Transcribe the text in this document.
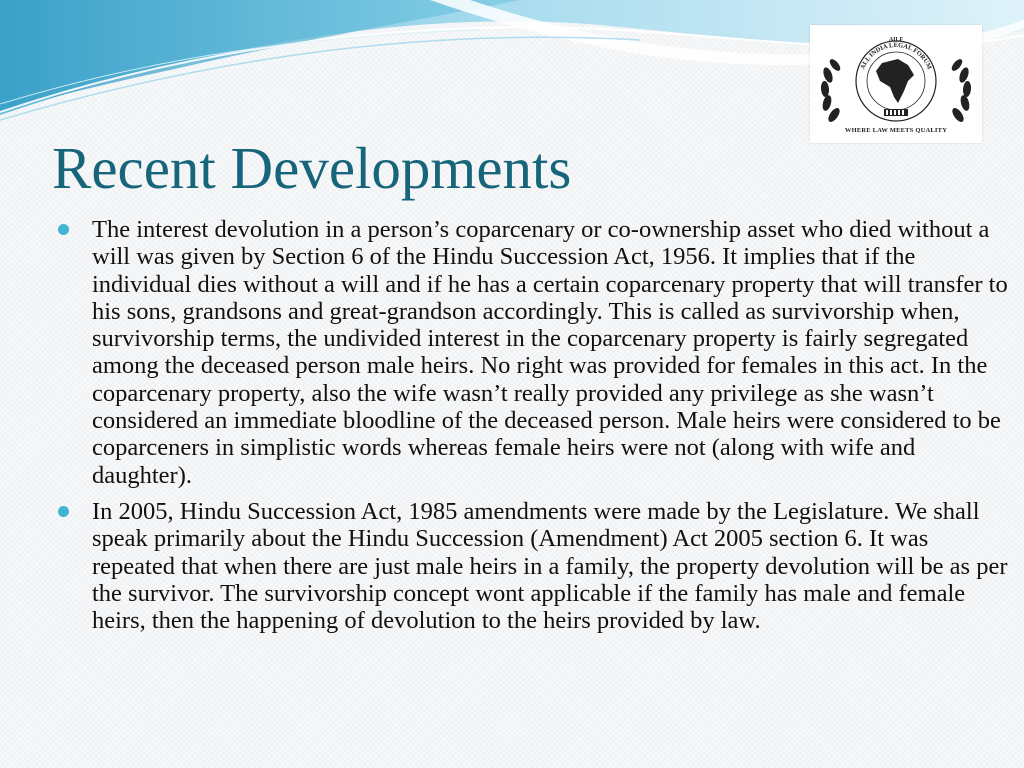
ALL INDIA LEGAL FORUM
AILF
WHERE LAW MEETS QUALITY
Recent Developments
The interest devolution in a person’s coparcenary or co-ownership asset who died without a will was given by Section 6 of the Hindu Succession Act, 1956. It implies that if the individual dies without a will and if he has a certain coparcenary property that will transfer to his sons, grandsons and great-grandson accordingly. This is called as survivorship when, survivorship terms, the undivided interest in the coparcenary property is fairly segregated among the deceased person male heirs. No right was provided for females in this act. In the coparcenary property, also the wife wasn’t really provided any privilege as she wasn’t considered an immediate bloodline of the deceased person. Male heirs were considered to be coparceners in simplistic words whereas female heirs were not (along with wife and daughter).
In 2005, Hindu Succession Act, 1985 amendments were made by the Legislature. We shall speak primarily about the Hindu Succession (Amendment) Act 2005 section 6. It was repeated that when there are just male heirs in a family, the property devolution will be as per the survivor. The survivorship concept wont applicable if the family has male and female heirs, then the happening of devolution to the heirs provided by law.
